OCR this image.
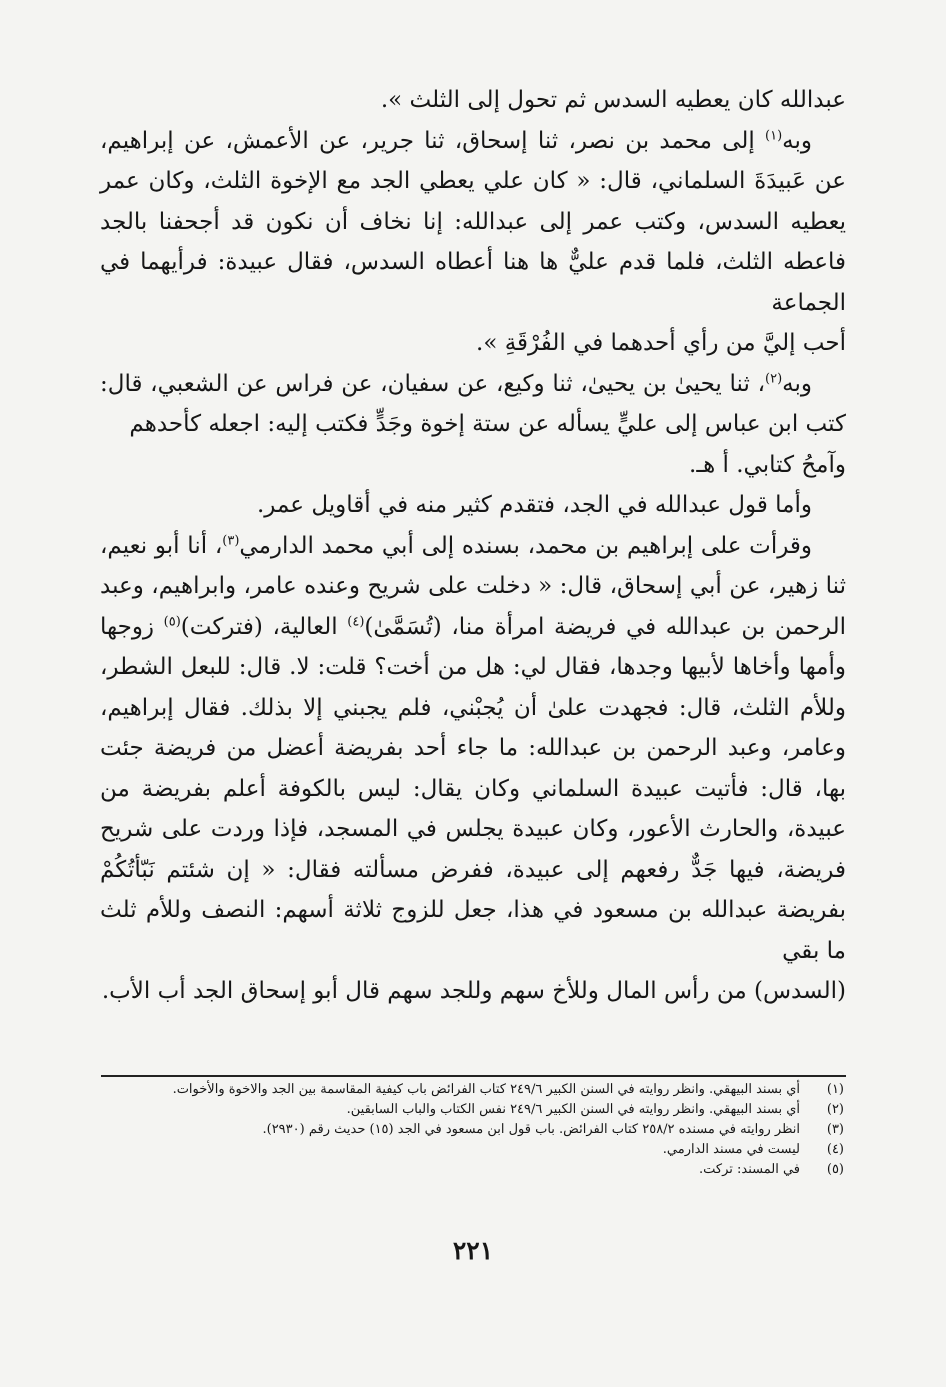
عبدالله كان يعطيه السدس ثم تحول إلى الثلث ».

وبه$^{(١)}$ إلى محمد بن نصر، ثنا إسحاق، ثنا جرير، عن الأعمش، عن إبراهيم، عن عَبيدَةَ السلماني، قال: « كان علي يعطي الجد مع الإخوة الثلث، وكان عمر يعطيه السدس، وكتب عمر إلى عبدالله: إنا نخاف أن نكون قد أجحفنا بالجد فاعطه الثلث، فلما قدم عليٌّ ها هنا أعطاه السدس، فقال عبيدة: فرأيهما في الجماعة

أحب إليَّ من رأي أحدهما في الفُرْقَةِ ».

وبه$^{(٢)}$، ثنا يحيىٰ بن يحيىٰ، ثنا وكيع، عن سفيان، عن فراس عن الشعبي، قال: كتب ابن عباس إلى عليٍّ يسأله عن ستة إخوة وجَدٍّ فكتب إليه: اجعله كأحدهم

وآمحُ كتابي. أ هـ.

وأما قول عبدالله في الجد، فتقدم كثير منه في أقاويل عمر.

وقرأت على إبراهيم بن محمد، بسنده إلى أبي محمد الدارمي$^{(٣)}$، أنا أبو نعيم، ثنا زهير، عن أبي إسحاق، قال: « دخلت على شريح وعنده عامر، وابراهيم، وعبد الرحمن بن عبدالله في فريضة امرأة منا، (تُسَمَّىٰ)$^{(٤)}$ العالية، (فتركت)$^{(٥)}$ زوجها وأمها وأخاها لأبيها وجدها، فقال لي: هل من أخت؟ قلت: لا. قال: للبعل الشطر، وللأم الثلث، قال: فجهدت علىٰ أن يُجبْني، فلم يجبني إلا بذلك. فقال إبراهيم، وعامر، وعبد الرحمن بن عبدالله: ما جاء أحد بفريضة أعضل من فريضة جئت بها، قال: فأتيت عبيدة السلماني وكان يقال: ليس بالكوفة أعلم بفريضة من عبيدة، والحارث الأعور، وكان عبيدة يجلس في المسجد، فإذا وردت على شريح فريضة، فيها جَدٌّ رفعهم إلى عبيدة، ففرض مسألته فقال: « إن شئتم نَبّأتُكُمْ بفريضة عبدالله بن مسعود في هذا، جعل للزوج ثلاثة أسهم: النصف وللأم ثلث ما بقي

(السدس) من رأس المال وللأخ سهم وللجد سهم قال أبو إسحاق الجد أب الأب.

(١)
أي بسند البيهقي. وانظر روايته في السنن الكبير ٢٤٩/٦ كتاب الفرائض باب كيفية المقاسمة بين الجد والاخوة والأخوات.
(٢)
أي بسند البيهقي. وانظر روايته في السنن الكبير ٢٤٩/٦ نفس الكتاب والباب السابقين.
(٣)
انظر روايته في مسنده ٢٥٨/٢ كتاب الفرائض. باب قول ابن مسعود في الجد (١٥) حديث رقم (٢٩٣٠).
(٤)
ليست في مسند الدارمي.
(٥)
في المسند: تركت.
٢٢١
